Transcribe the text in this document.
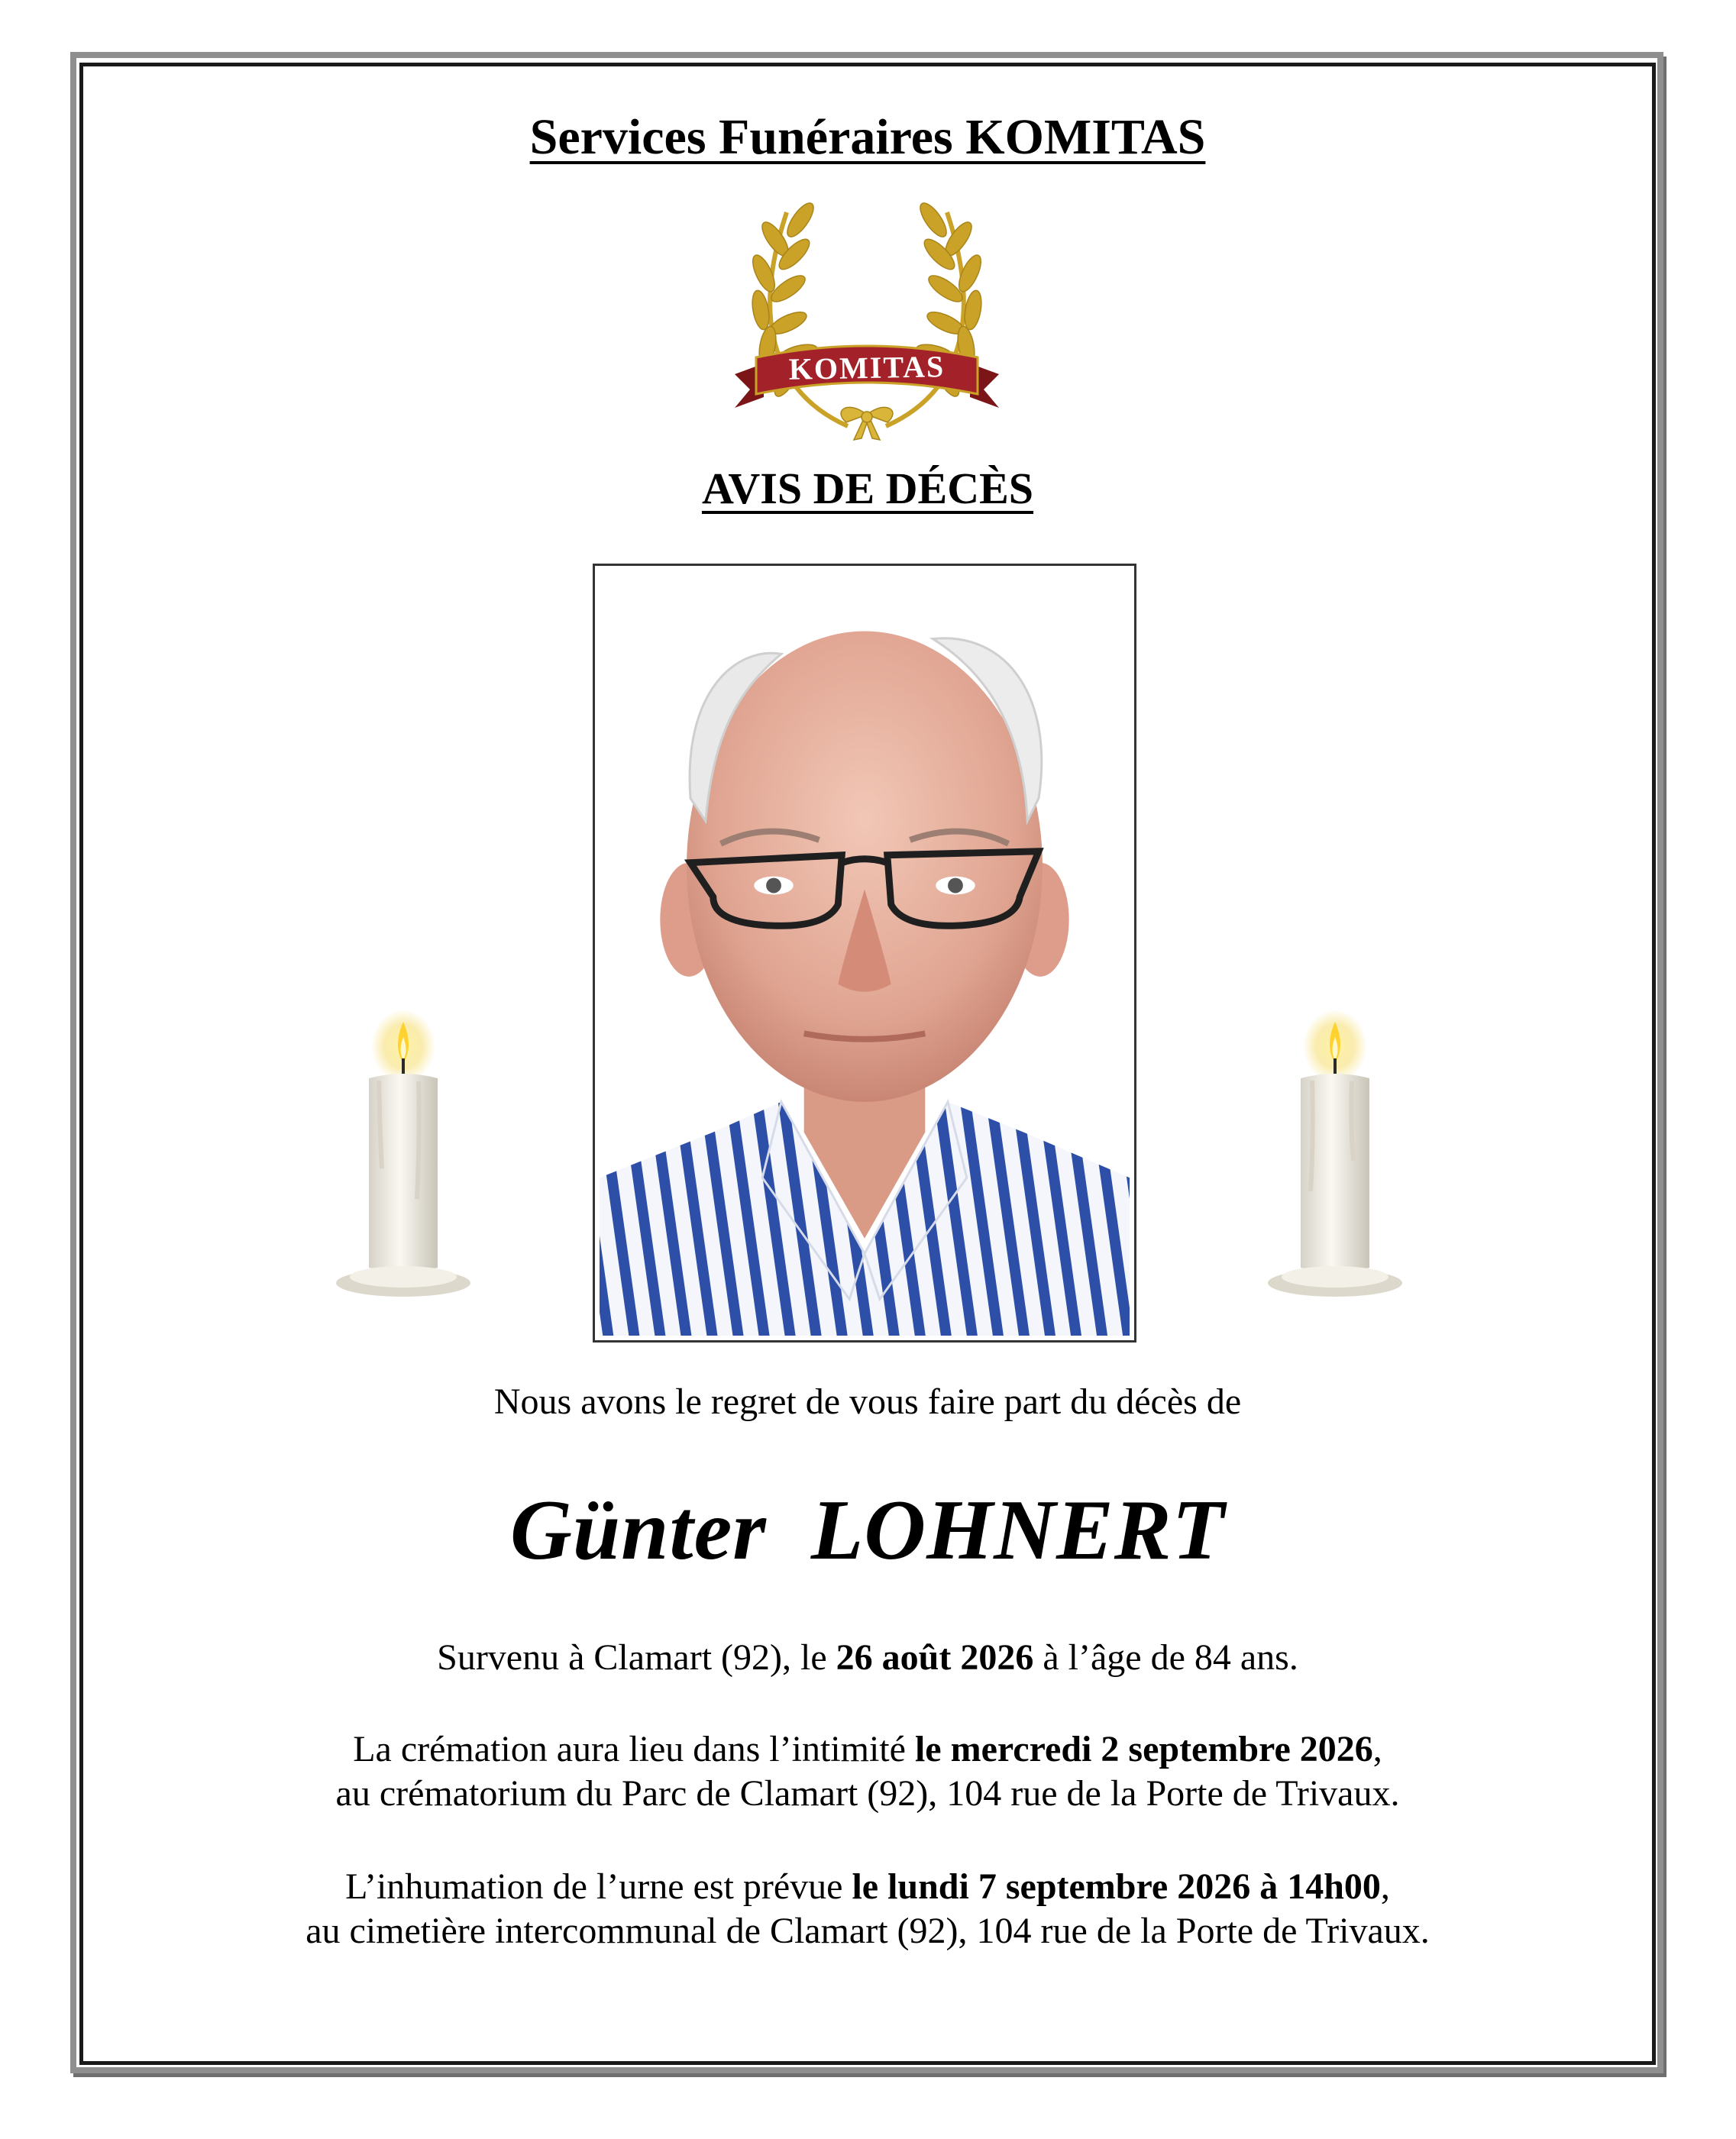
Services Funéraires KOMITAS
KOMITAS
AVIS DE DÉCÈS
Nous avons le regret de vous faire part du décès de
Günter LOHNERT
Survenu à Clamart (92), le 26 août 2026 à l’âge de 84 ans.
La crémation aura lieu dans l’intimité le mercredi 2 septembre 2026,
au crématorium du Parc de Clamart (92), 104 rue de la Porte de Trivaux.
L’inhumation de l’urne est prévue le lundi 7 septembre 2026 à 14h00,
au cimetière intercommunal de Clamart (92), 104 rue de la Porte de Trivaux.
